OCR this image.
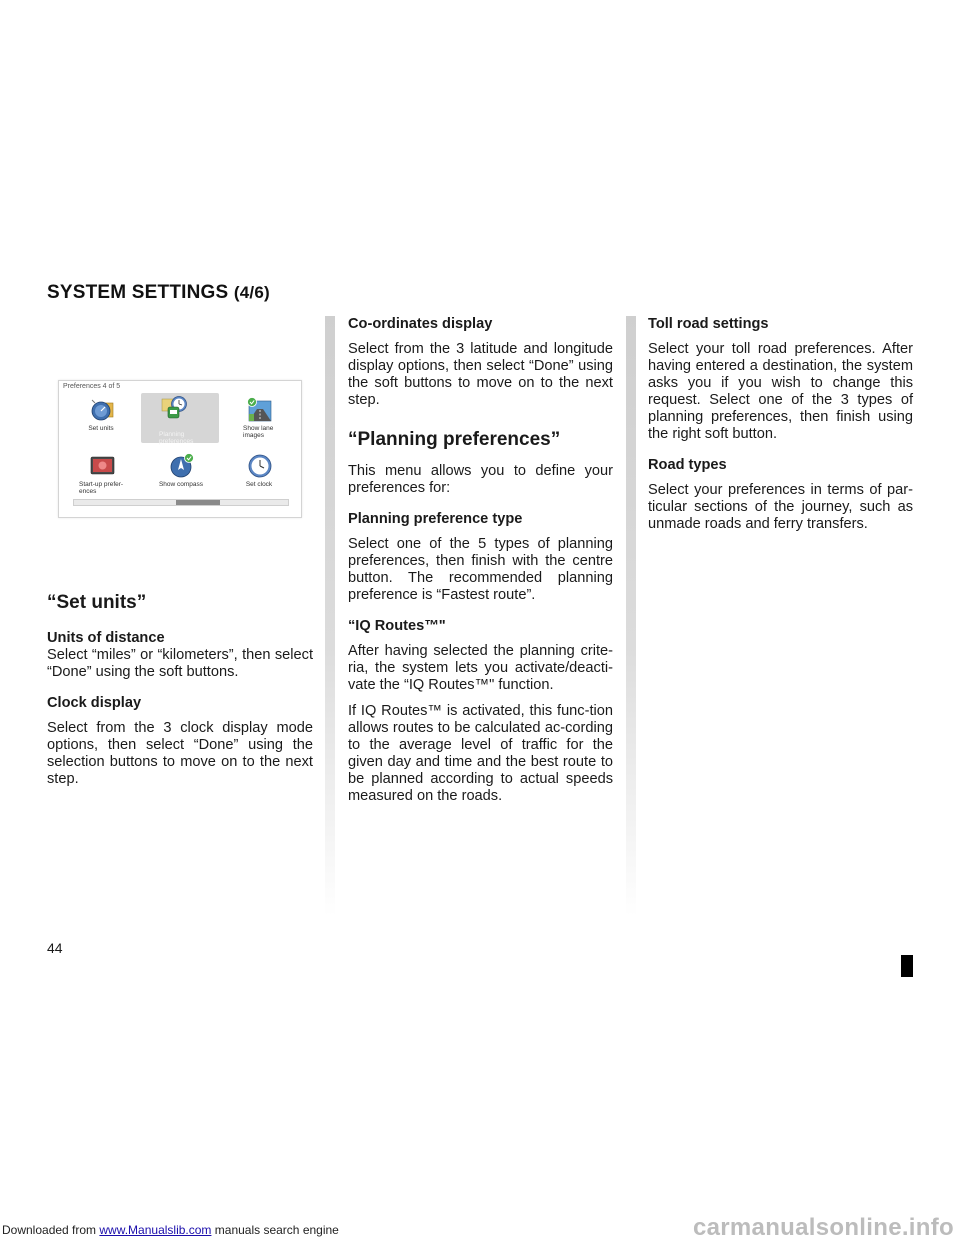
SYSTEM SETTINGS (4/6)
Preferences 4 of 5
Set units
Planning preferences
Show lane images
Start-up prefer-ences
Show compass	Set clock
“Set units”
Units of distance

Select “miles” or “kilometers”, then select “Done” using the soft buttons.

Clock display

Select from the 3 clock display mode options, then select “Done” using the selection buttons to move on to the next step.

Co-ordinates display

Select from the 3 latitude and longitude display options, then select “Done” using the soft buttons to move on to the next step.

“Planning preferences”

This menu allows you to define your preferences for:

Planning preference type

Select one of the 5 types of planning preferences, then finish with the centre button. The recommended planning preference is “Fastest route”.

“IQ Routes™"

After having selected the planning crite-ria, the system lets you activate/deacti-vate the “IQ Routes™" function.

If IQ Routes™ is activated, this func-tion allows routes to be calculated ac-cording to the average level of traffic for the given day and time and the best route to be planned according to actual speeds measured on the roads.

Toll road settings

Select your toll road preferences. After having entered a destination, the system asks you if you wish to change this request. Select one of the 3 types of planning preferences, then finish using the right soft button.

Road types

Select your preferences in terms of par-ticular sections of the journey, such as unmade roads and ferry transfers.

44
Downloaded from www.Manualslib.com manuals search engine	carmanualsonline.info
